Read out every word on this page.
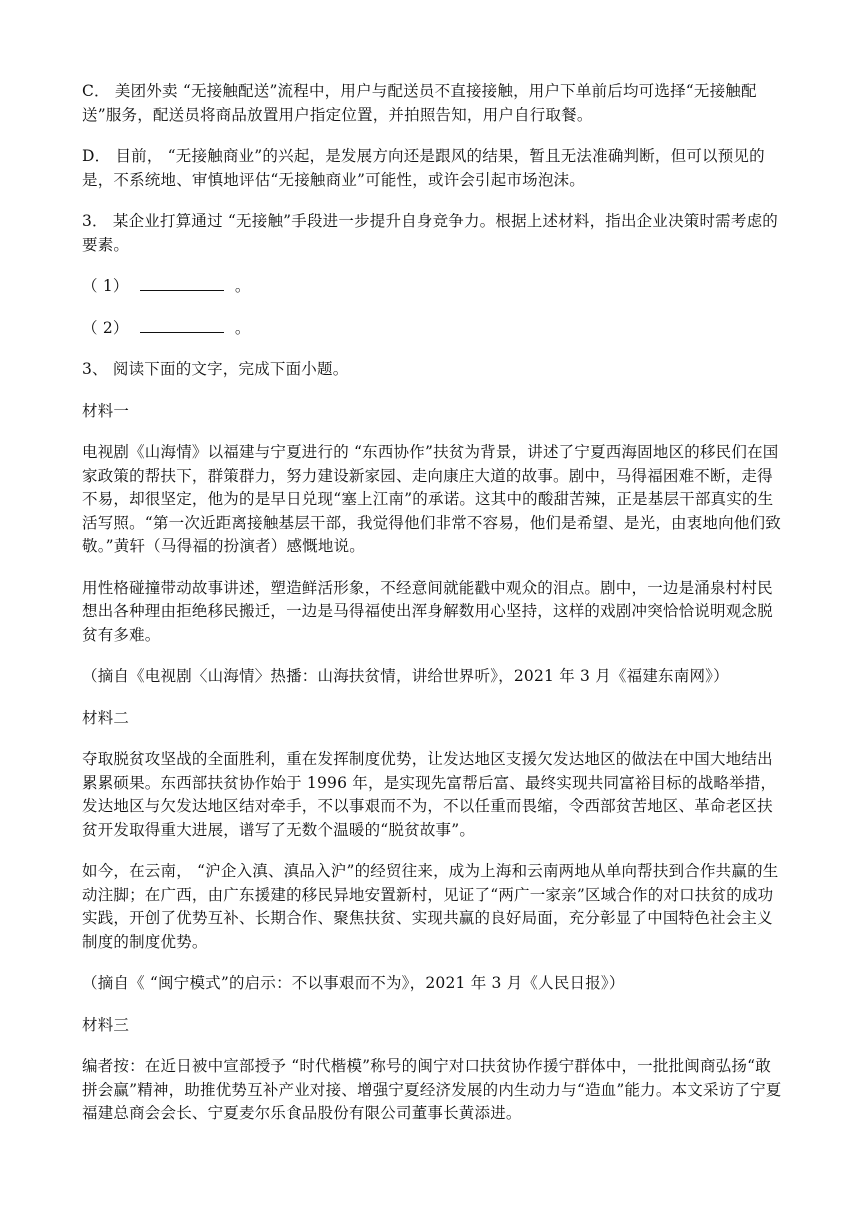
C． 美团外卖 “无接触配送”流程中，用户与配送员不直接接触，用户下单前后均可选择“无接触配送”服务，配送员将商品放置用户指定位置，并拍照告知，用户自行取餐。

D． 目前， “无接触商业”的兴起，是发展方向还是跟风的结果，暂且无法准确判断，但可以预见的是，不系统地、审慎地评估“无接触商业”可能性，或许会引起市场泡沫。

3． 某企业打算通过 “无接触”手段进一步提升自身竞争力。根据上述材料，指出企业决策时需考虑的要素。

（ 1）	。

（ 2）	。

3、 阅读下面的文字，完成下面小题。

材料一

电视剧《山海情》以福建与宁夏进行的 “东西协作”扶贫为背景，讲述了宁夏西海固地区的移民们在国家政策的帮扶下，群策群力，努力建设新家园、走向康庄大道的故事。剧中，马得福困难不断，走得不易，却很坚定，他为的是早日兑现“塞上江南”的承诺。这其中的酸甜苦辣，正是基层干部真实的生活写照。“第一次近距离接触基层干部，我觉得他们非常不容易，他们是希望、是光，由衷地向他们致敬。”黄轩（马得福的扮演者）感慨地说。

用性格碰撞带动故事讲述，塑造鲜活形象，不经意间就能戳中观众的泪点。剧中，一边是涌泉村村民想出各种理由拒绝移民搬迁，一边是马得福使出浑身解数用心坚持，这样的戏剧冲突恰恰说明观念脱贫有多难。

（摘自《电视剧〈山海情〉热播：山海扶贫情，讲给世界听》，2021 年 3 月《福建东南网》）

材料二

夺取脱贫攻坚战的全面胜利，重在发挥制度优势，让发达地区支援欠发达地区的做法在中国大地结出累累硕果。东西部扶贫协作始于 1996 年，是实现先富帮后富、最终实现共同富裕目标的战略举措，发达地区与欠发达地区结对牵手，不以事艰而不为，不以任重而畏缩，令西部贫苦地区、革命老区扶贫开发取得重大进展，谱写了无数个温暖的“脱贫故事”。

如今，在云南， “沪企入滇、滇品入沪”的经贸往来，成为上海和云南两地从单向帮扶到合作共赢的生动注脚；在广西，由广东援建的移民异地安置新村，见证了“两广一家亲”区域合作的对口扶贫的成功实践，开创了优势互补、长期合作、聚焦扶贫、实现共赢的良好局面，充分彰显了中国特色社会主义制度的制度优势。

（摘自《 “闽宁模式”的启示：不以事艰而不为》，2021 年 3 月《人民日报》）

材料三

编者按：在近日被中宣部授予 “时代楷模”称号的闽宁对口扶贫协作援宁群体中，一批批闽商弘扬“敢拼会赢”精神，助推优势互补产业对接、增强宁夏经济发展的内生动力与“造血”能力。本文采访了宁夏福建总商会会长、宁夏麦尔乐食品股份有限公司董事长黄添进。
